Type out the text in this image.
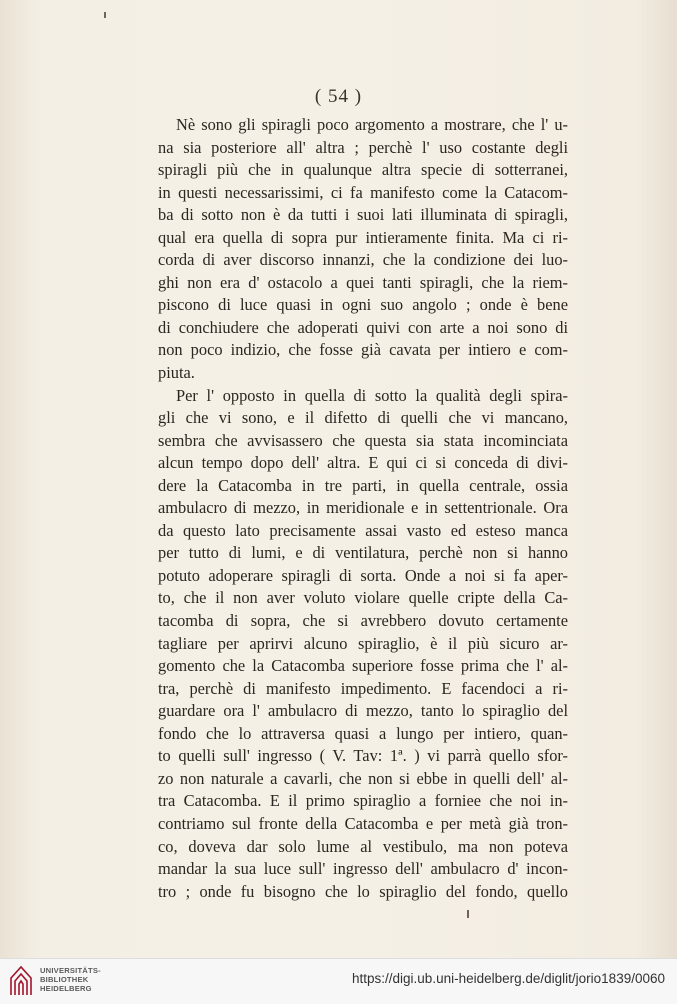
( 54 )
Nè sono gli spiragli poco argomento a mostrare, che l' u-
na sia posteriore all' altra ; perchè l' uso costante degli
spiragli più che in qualunque altra specie di sotterranei,
in questi necessarissimi, ci fa manifesto come la Catacom-
ba di sotto non è da tutti i suoi lati illuminata di spiragli,
qual era quella di sopra pur intieramente finita. Ma ci ri-
corda di aver discorso innanzi, che la condizione dei luo-
ghi non era d' ostacolo a quei tanti spiragli, che la riem-
piscono di luce quasi in ogni suo angolo ; onde è bene
di conchiudere che adoperati quivi con arte a noi sono di
non poco indizio, che fosse già cavata per intiero e com-
piuta.
Per l' opposto in quella di sotto la qualità degli spira-
gli che vi sono, e il difetto di quelli che vi mancano,
sembra che avvisassero che questa sia stata incominciata
alcun tempo dopo dell' altra. E qui ci si conceda di divi-
dere la Catacomba in tre parti, in quella centrale, ossia
ambulacro di mezzo, in meridionale e in settentrionale. Ora
da questo lato precisamente assai vasto ed esteso manca
per tutto di lumi, e di ventilatura, perchè non si hanno
potuto adoperare spiragli di sorta. Onde a noi si fa aper-
to, che il non aver voluto violare quelle cripte della Ca-
tacomba di sopra, che si avrebbero dovuto certamente
tagliare per aprirvi alcuno spiraglio, è il più sicuro ar-
gomento che la Catacomba superiore fosse prima che l' al-
tra, perchè di manifesto impedimento. E facendoci a ri-
guardare ora l' ambulacro di mezzo, tanto lo spiraglio del
fondo che lo attraversa quasi a lungo per intiero, quan-
to quelli sull' ingresso ( V. Tav: 1ª. ) vi parrà quello sfor-
zo non naturale a cavarli, che non si ebbe in quelli dell' al-
tra Catacomba. E il primo spiraglio a forniee che noi in-
contriamo sul fronte della Catacomba e per metà già tron-
co, doveva dar solo lume al vestibulo, ma non poteva
mandar la sua luce sull' ingresso dell' ambulacro d' incon-
tro ; onde fu bisogno che lo spiraglio del fondo, quello
UNIVERSITÄTS-
BIBLIOTHEK
HEIDELBERG
https://digi.ub.uni-heidelberg.de/diglit/jorio1839/0060
